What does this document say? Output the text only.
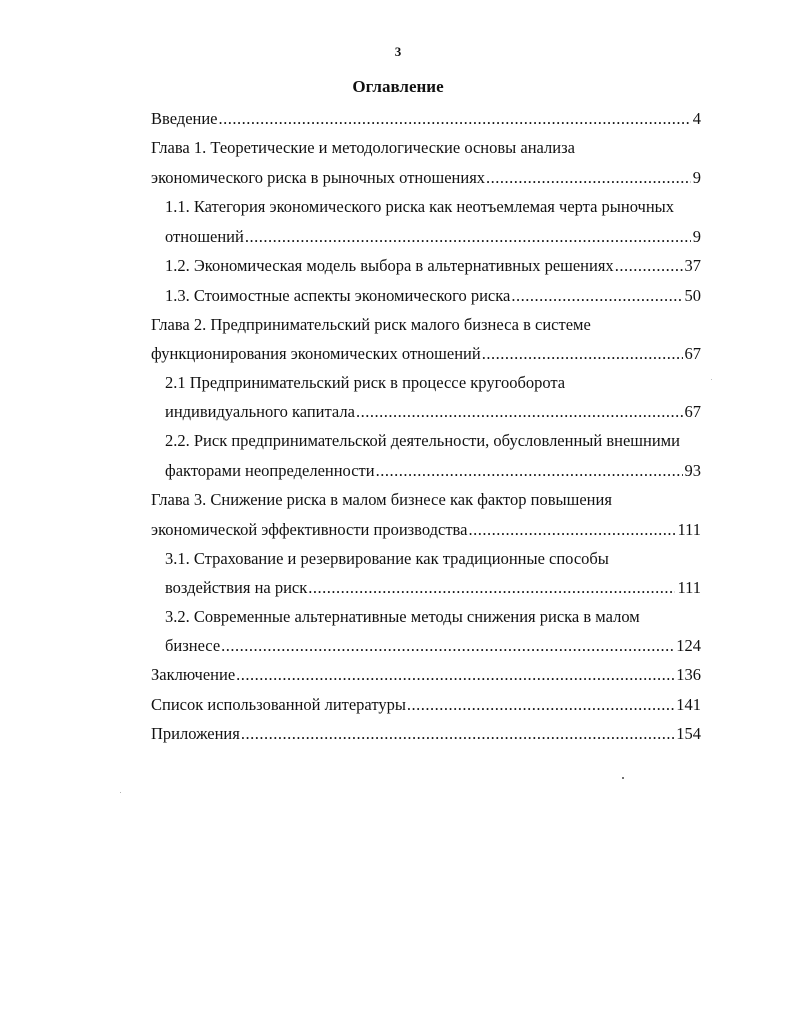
3
Оглавление
Введение .....	4
Глава 1. Теоретические и методологические основы анализа
экономического риска в рыночных отношениях .....	9
1.1. Категория экономического риска как неотъемлемая черта рыночных
отношений .....	9
1.2. Экономическая модель выбора в альтернативных решениях .....	37
1.3. Стоимостные аспекты экономического риска .....	50
Глава 2. Предпринимательский риск малого бизнеса в системе
функционирования экономических отношений .....	67
2.1 Предпринимательский риск в процессе кругооборота
индивидуального капитала .....	67
2.2. Риск предпринимательской деятельности, обусловленный внешними
факторами неопределенности .....	93
Глава 3. Снижение риска в малом бизнесе как фактор повышения
экономической эффективности производства .....	111
3.1. Страхование и резервирование как традиционные способы
воздействия на риск .....	111
3.2. Современные альтернативные методы снижения риска в малом
бизнесе .....	124
Заключение .....	136
Список использованной литературы .....	141
Приложения .....	154
